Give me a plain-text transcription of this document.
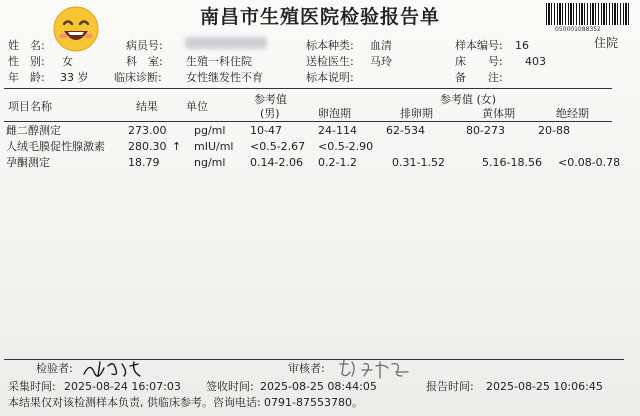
南昌市生殖医院检验报告单
050001088352
住院
姓　名:	病员号:	标本种类: 血清	样本编号: 16
性　别: 女	科　室: 生殖一科住院	送检医生: 马玲	床　　号: 403
年　龄: 33 岁 临床诊断: 女性继发性不育	标本说明:	备　　注:
项目名称	结果	单位
参考值
(男)
参考值 (女)
卵泡期	排卵期	黄体期	绝经期
雌二醇测定	273.00	pg/ml 10-47	24-114	62-534	80-273	20-88
人绒毛膜促性腺激素 280.30 ↑ mIU/ml <0.5-2.67 <0.5-2.90
孕酮测定	18.79	ng/ml 0.14-2.06 0.2-1.2	0.31-1.52	5.16-18.56 <0.08-0.78
检验者:	审核者:
采集时间: 2025-08-24 16:07:03 签收时间: 2025-08-25 08:44:05	报告时间: 2025-08-25 10:06:45
本结果仅对该检测样本负责, 供临床参考。咨询电话: 0791-87553780。
